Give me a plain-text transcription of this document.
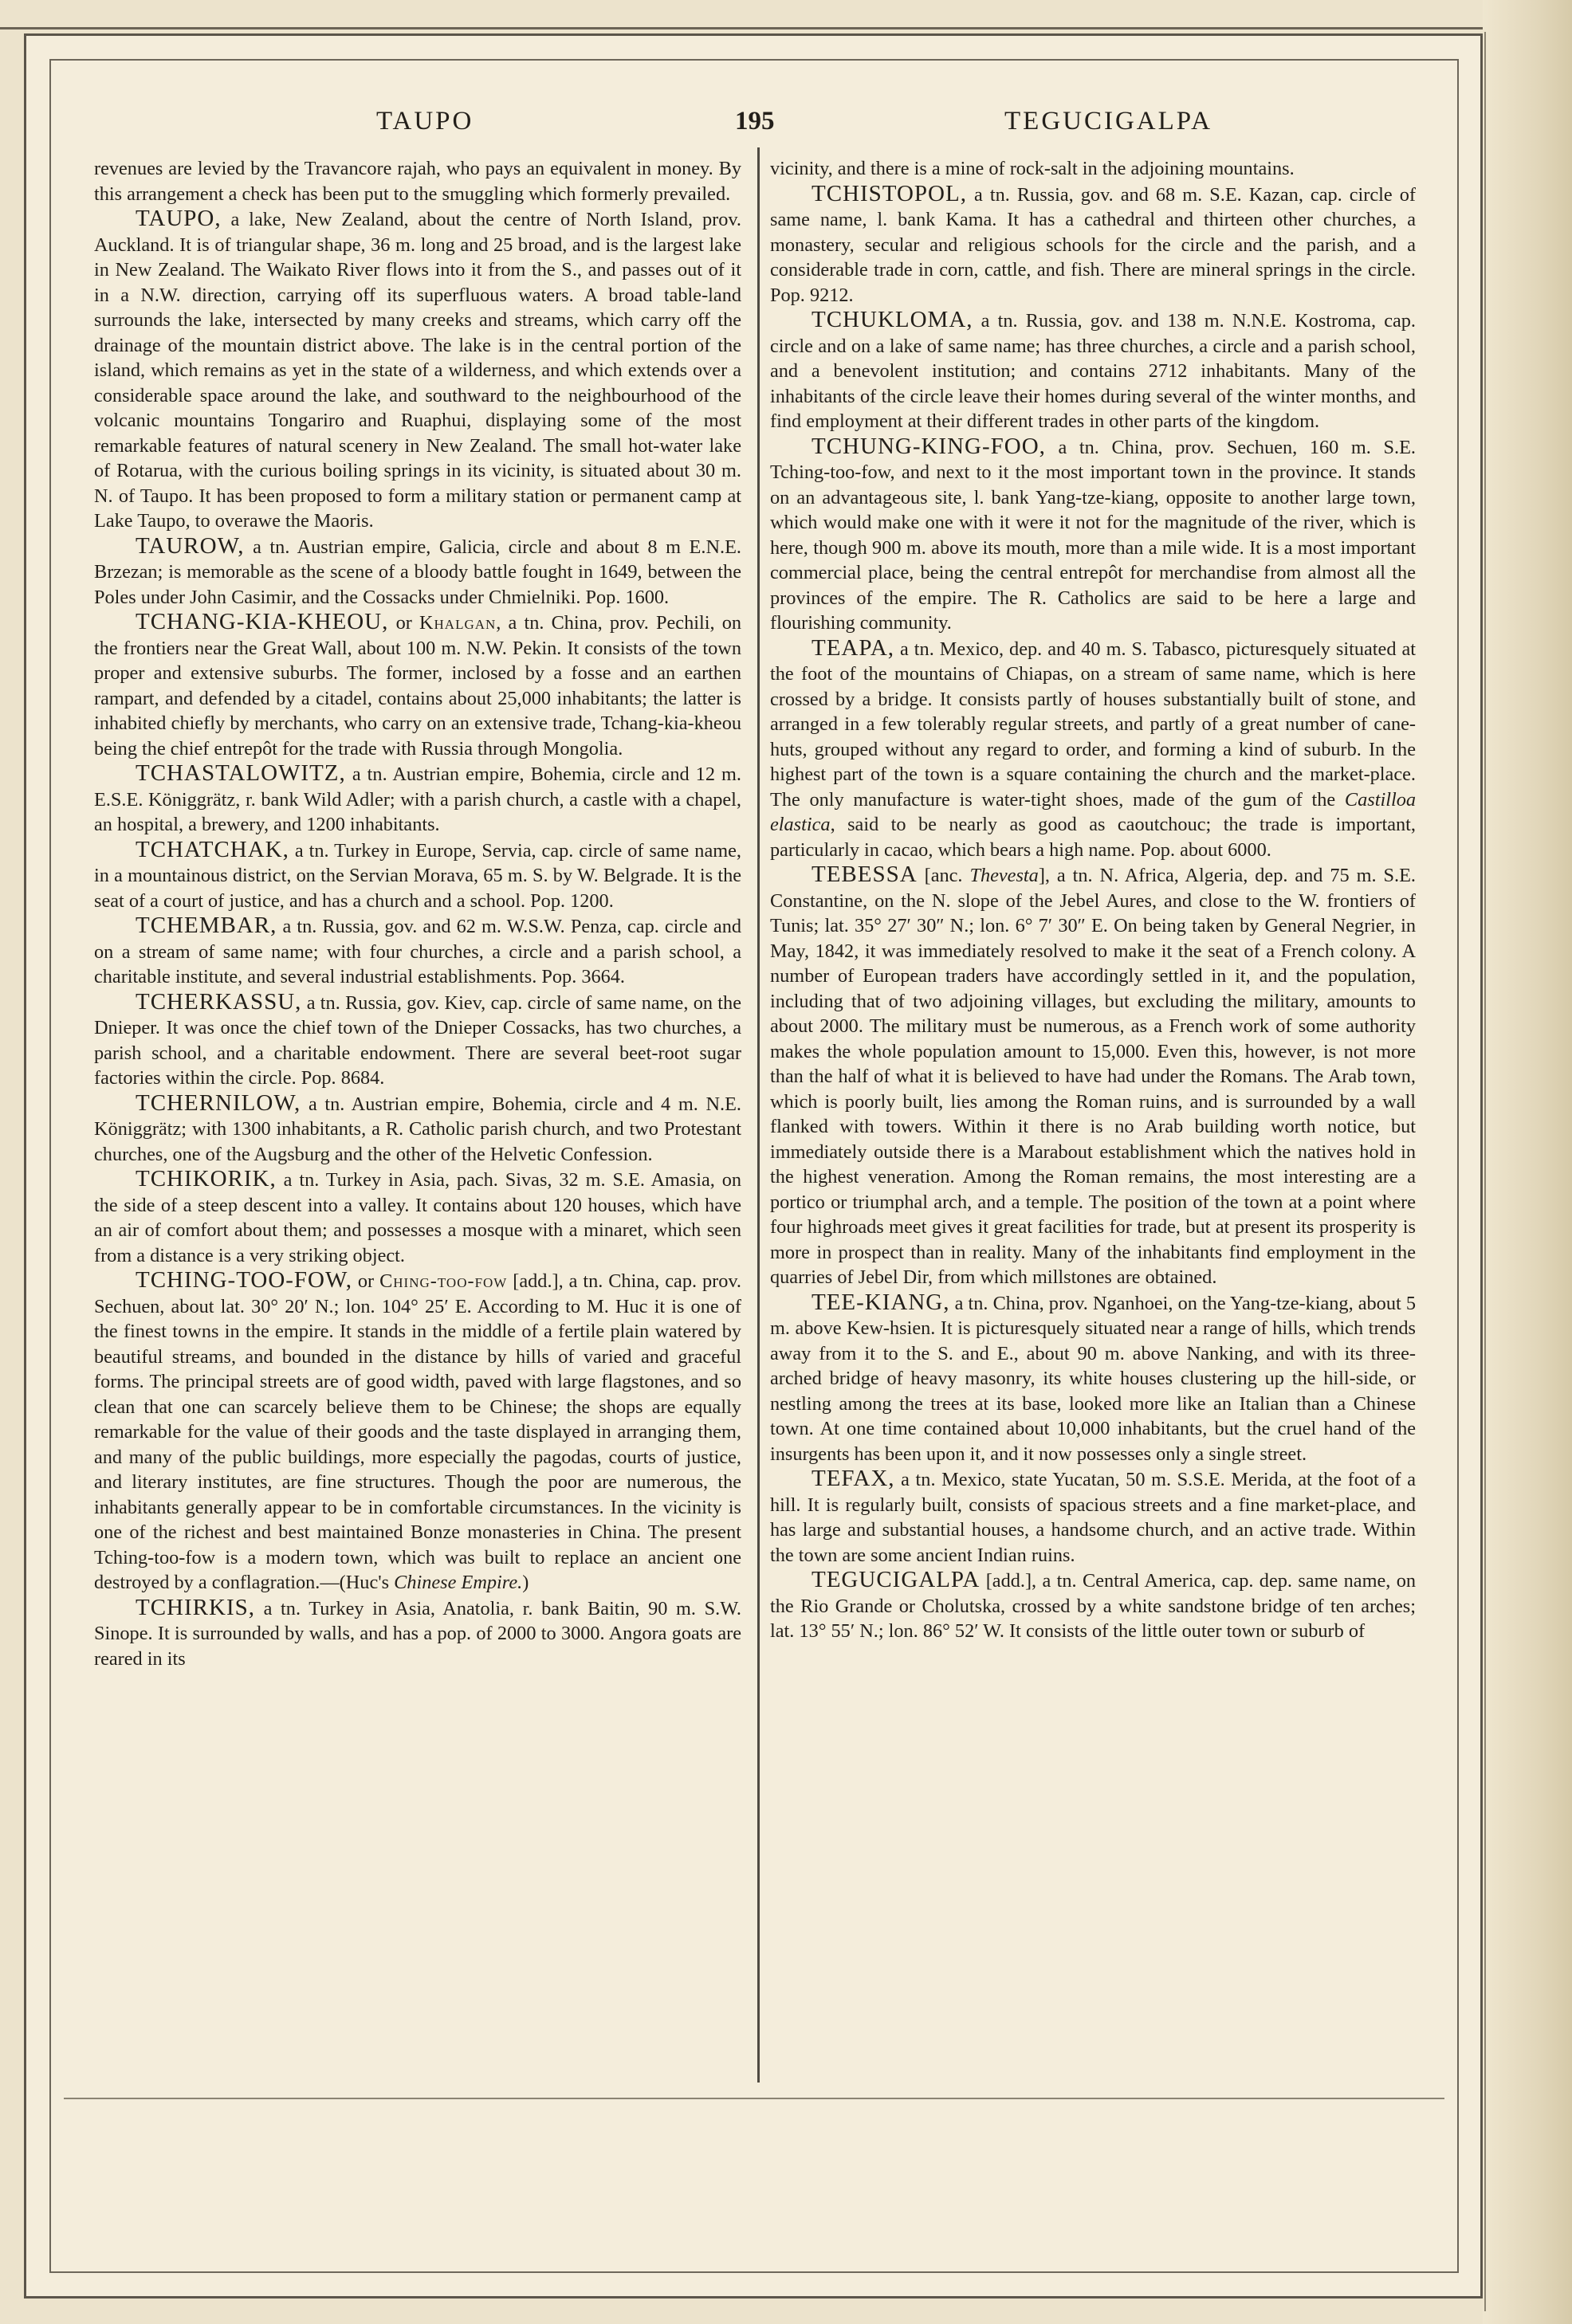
TAUPO	195	TEGUCIGALPA

revenues are levied by the Travancore rajah, who pays an equivalent in money. By this arrangement a check has been put to the smuggling which formerly prevailed.

TAUPO, a lake, New Zealand, about the centre of North Island, prov. Auckland. It is of triangular shape, 36 m. long and 25 broad, and is the largest lake in New Zealand. The Waikato River flows into it from the S., and passes out of it in a N.W. direction, carrying off its superfluous waters. A broad table-land surrounds the lake, intersected by many creeks and streams, which carry off the drainage of the mountain district above. The lake is in the central portion of the island, which remains as yet in the state of a wilderness, and which extends over a considerable space around the lake, and southward to the neighbourhood of the volcanic mountains Tongariro and Ruaphui, displaying some of the most remarkable features of natural scenery in New Zealand. The small hot-water lake of Rotarua, with the curious boiling springs in its vicinity, is situated about 30 m. N. of Taupo. It has been proposed to form a military station or permanent camp at Lake Taupo, to overawe the Maoris.

TAUROW, a tn. Austrian empire, Galicia, circle and about 8 m E.N.E. Brzezan; is memorable as the scene of a bloody battle fought in 1649, between the Poles under John Casimir, and the Cossacks under Chmielniki. Pop. 1600.

TCHANG-KIA-KHEOU, or Khalgan, a tn. China, prov. Pechili, on the frontiers near the Great Wall, about 100 m. N.W. Pekin. It consists of the town proper and extensive suburbs. The former, inclosed by a fosse and an earthen rampart, and defended by a citadel, contains about 25,000 inhabitants; the latter is inhabited chiefly by merchants, who carry on an extensive trade, Tchang-kia-kheou being the chief entrepôt for the trade with Russia through Mongolia.

TCHASTALOWITZ, a tn. Austrian empire, Bohemia, circle and 12 m. E.S.E. Königgrätz, r. bank Wild Adler; with a parish church, a castle with a chapel, an hospital, a brewery, and 1200 inhabitants.

TCHATCHAK, a tn. Turkey in Europe, Servia, cap. circle of same name, in a mountainous district, on the Servian Morava, 65 m. S. by W. Belgrade. It is the seat of a court of justice, and has a church and a school. Pop. 1200.

TCHEMBAR, a tn. Russia, gov. and 62 m. W.S.W. Penza, cap. circle and on a stream of same name; with four churches, a circle and a parish school, a charitable institute, and several industrial establishments. Pop. 3664.

TCHERKASSU, a tn. Russia, gov. Kiev, cap. circle of same name, on the Dnieper. It was once the chief town of the Dnieper Cossacks, has two churches, a parish school, and a charitable endowment. There are several beet-root sugar factories within the circle. Pop. 8684.

TCHERNILOW, a tn. Austrian empire, Bohemia, circle and 4 m. N.E. Königgrätz; with 1300 inhabitants, a R. Catholic parish church, and two Protestant churches, one of the Augsburg and the other of the Helvetic Confession.

TCHIKORIK, a tn. Turkey in Asia, pach. Sivas, 32 m. S.E. Amasia, on the side of a steep descent into a valley. It contains about 120 houses, which have an air of comfort about them; and possesses a mosque with a minaret, which seen from a distance is a very striking object.

TCHING-TOO-FOW, or Ching-too-fow [add.], a tn. China, cap. prov. Sechuen, about lat. 30° 20′ N.; lon. 104° 25′ E. According to M. Huc it is one of the finest towns in the empire. It stands in the middle of a fertile plain watered by beautiful streams, and bounded in the distance by hills of varied and graceful forms. The principal streets are of good width, paved with large flagstones, and so clean that one can scarcely believe them to be Chinese; the shops are equally remarkable for the value of their goods and the taste displayed in arranging them, and many of the public buildings, more especially the pagodas, courts of justice, and literary institutes, are fine structures. Though the poor are numerous, the inhabitants generally appear to be in comfortable circumstances. In the vicinity is one of the richest and best maintained Bonze monasteries in China. The present Tching-too-fow is a modern town, which was built to replace an ancient one destroyed by a conflagration.—(Huc's Chinese Empire.)

TCHIRKIS, a tn. Turkey in Asia, Anatolia, r. bank Baitin, 90 m. S.W. Sinope. It is surrounded by walls, and has a pop. of 2000 to 3000. Angora goats are reared in its

vicinity, and there is a mine of rock-salt in the adjoining mountains.

TCHISTOPOL, a tn. Russia, gov. and 68 m. S.E. Kazan, cap. circle of same name, l. bank Kama. It has a cathedral and thirteen other churches, a monastery, secular and religious schools for the circle and the parish, and a considerable trade in corn, cattle, and fish. There are mineral springs in the circle. Pop. 9212.

TCHUKLOMA, a tn. Russia, gov. and 138 m. N.N.E. Kostroma, cap. circle and on a lake of same name; has three churches, a circle and a parish school, and a benevolent institution; and contains 2712 inhabitants. Many of the inhabitants of the circle leave their homes during several of the winter months, and find employment at their different trades in other parts of the kingdom.

TCHUNG-KING-FOO, a tn. China, prov. Sechuen, 160 m. S.E. Tching-too-fow, and next to it the most important town in the province. It stands on an advantageous site, l. bank Yang-tze-kiang, opposite to another large town, which would make one with it were it not for the magnitude of the river, which is here, though 900 m. above its mouth, more than a mile wide. It is a most important commercial place, being the central entrepôt for merchandise from almost all the provinces of the empire. The R. Catholics are said to be here a large and flourishing community.

TEAPA, a tn. Mexico, dep. and 40 m. S. Tabasco, picturesquely situated at the foot of the mountains of Chiapas, on a stream of same name, which is here crossed by a bridge. It consists partly of houses substantially built of stone, and arranged in a few tolerably regular streets, and partly of a great number of cane-huts, grouped without any regard to order, and forming a kind of suburb. In the highest part of the town is a square containing the church and the market-place. The only manufacture is water-tight shoes, made of the gum of the Castilloa elastica, said to be nearly as good as caoutchouc; the trade is important, particularly in cacao, which bears a high name. Pop. about 6000.

TEBESSA [anc. Thevesta], a tn. N. Africa, Algeria, dep. and 75 m. S.E. Constantine, on the N. slope of the Jebel Aures, and close to the W. frontiers of Tunis; lat. 35° 27′ 30″ N.; lon. 6° 7′ 30″ E. On being taken by General Negrier, in May, 1842, it was immediately resolved to make it the seat of a French colony. A number of European traders have accordingly settled in it, and the population, including that of two adjoining villages, but excluding the military, amounts to about 2000. The military must be numerous, as a French work of some authority makes the whole population amount to 15,000. Even this, however, is not more than the half of what it is believed to have had under the Romans. The Arab town, which is poorly built, lies among the Roman ruins, and is surrounded by a wall flanked with towers. Within it there is no Arab building worth notice, but immediately outside there is a Marabout establishment which the natives hold in the highest veneration. Among the Roman remains, the most interesting are a portico or triumphal arch, and a temple. The position of the town at a point where four highroads meet gives it great facilities for trade, but at present its prosperity is more in prospect than in reality. Many of the inhabitants find employment in the quarries of Jebel Dir, from which millstones are obtained.

TEE-KIANG, a tn. China, prov. Nganhoei, on the Yang-tze-kiang, about 5 m. above Kew-hsien. It is picturesquely situated near a range of hills, which trends away from it to the S. and E., about 90 m. above Nanking, and with its three-arched bridge of heavy masonry, its white houses clustering up the hill-side, or nestling among the trees at its base, looked more like an Italian than a Chinese town. At one time contained about 10,000 inhabitants, but the cruel hand of the insurgents has been upon it, and it now possesses only a single street.

TEFAX, a tn. Mexico, state Yucatan, 50 m. S.S.E. Merida, at the foot of a hill. It is regularly built, consists of spacious streets and a fine market-place, and has large and substantial houses, a handsome church, and an active trade. Within the town are some ancient Indian ruins.

TEGUCIGALPA [add.], a tn. Central America, cap. dep. same name, on the Rio Grande or Cholutska, crossed by a white sandstone bridge of ten arches; lat. 13° 55′ N.; lon. 86° 52′ W. It consists of the little outer town or suburb of
